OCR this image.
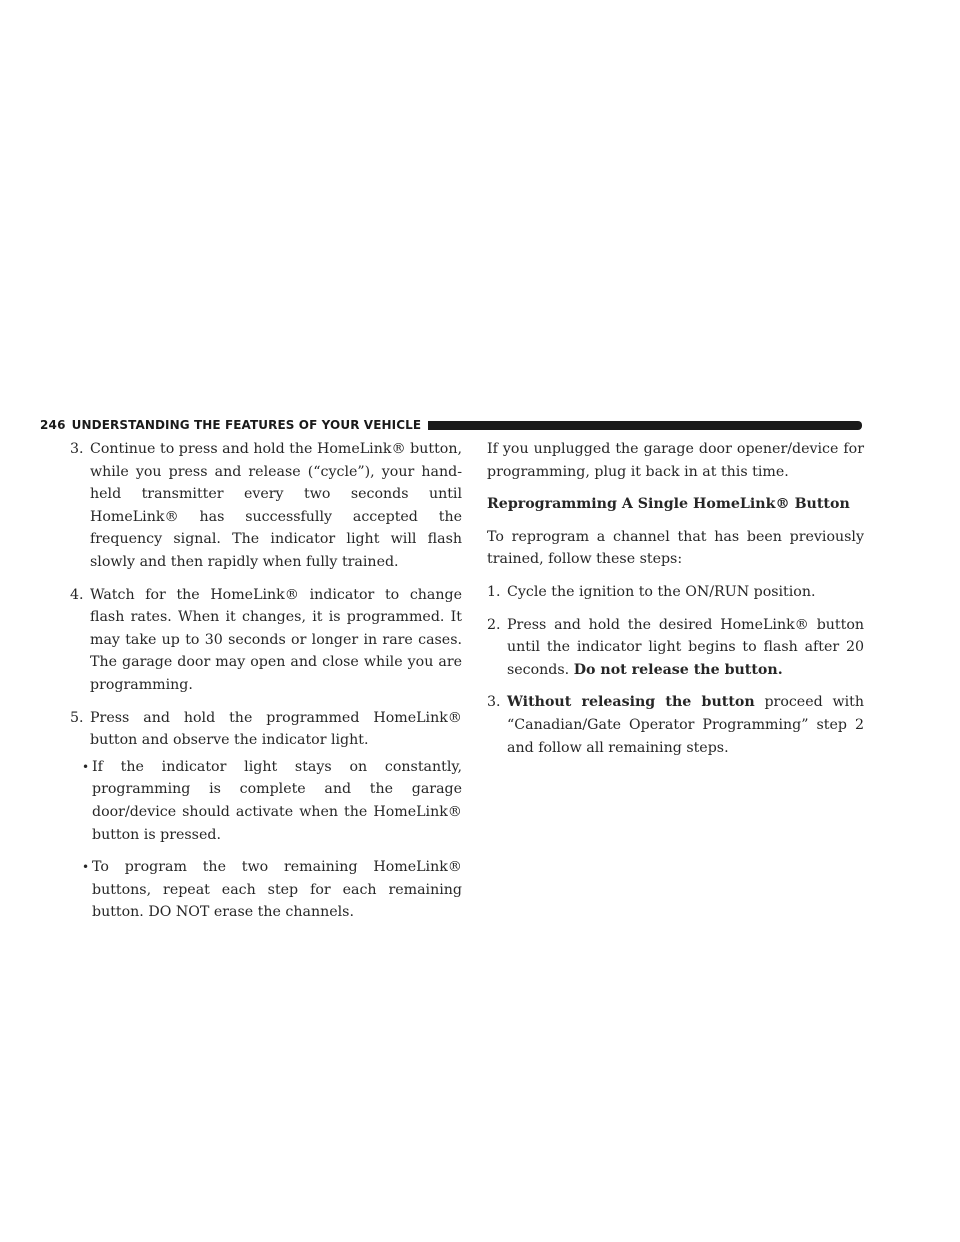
246 UNDERSTANDING THE FEATURES OF YOUR VEHICLE
3. Continue to press and hold the HomeLink® button, while you press and release (“cycle”), your hand-held transmitter every two seconds until HomeLink® has successfully accepted the frequency signal. The indicator light will flash slowly and then rapidly when fully trained.
4. Watch for the HomeLink® indicator to change flash rates. When it changes, it is programmed. It may take up to 30 seconds or longer in rare cases. The garage door may open and close while you are programming.
5. Press and hold the programmed HomeLink® button and observe the indicator light.
• If the indicator light stays on constantly, programming is complete and the garage door/device should activate when the HomeLink® button is pressed.
• To program the two remaining HomeLink® buttons, repeat each step for each remaining button. DO NOT erase the channels.

If you unplugged the garage door opener/device for programming, plug it back in at this time.

Reprogramming A Single HomeLink® Button

To reprogram a channel that has been previously trained, follow these steps:

1. Cycle the ignition to the ON/RUN position.
2. Press and hold the desired HomeLink® button until the indicator light begins to flash after 20 seconds. Do not release the button.
3. Without releasing the button proceed with “Canadian/Gate Operator Programming” step 2 and follow all remaining steps.
